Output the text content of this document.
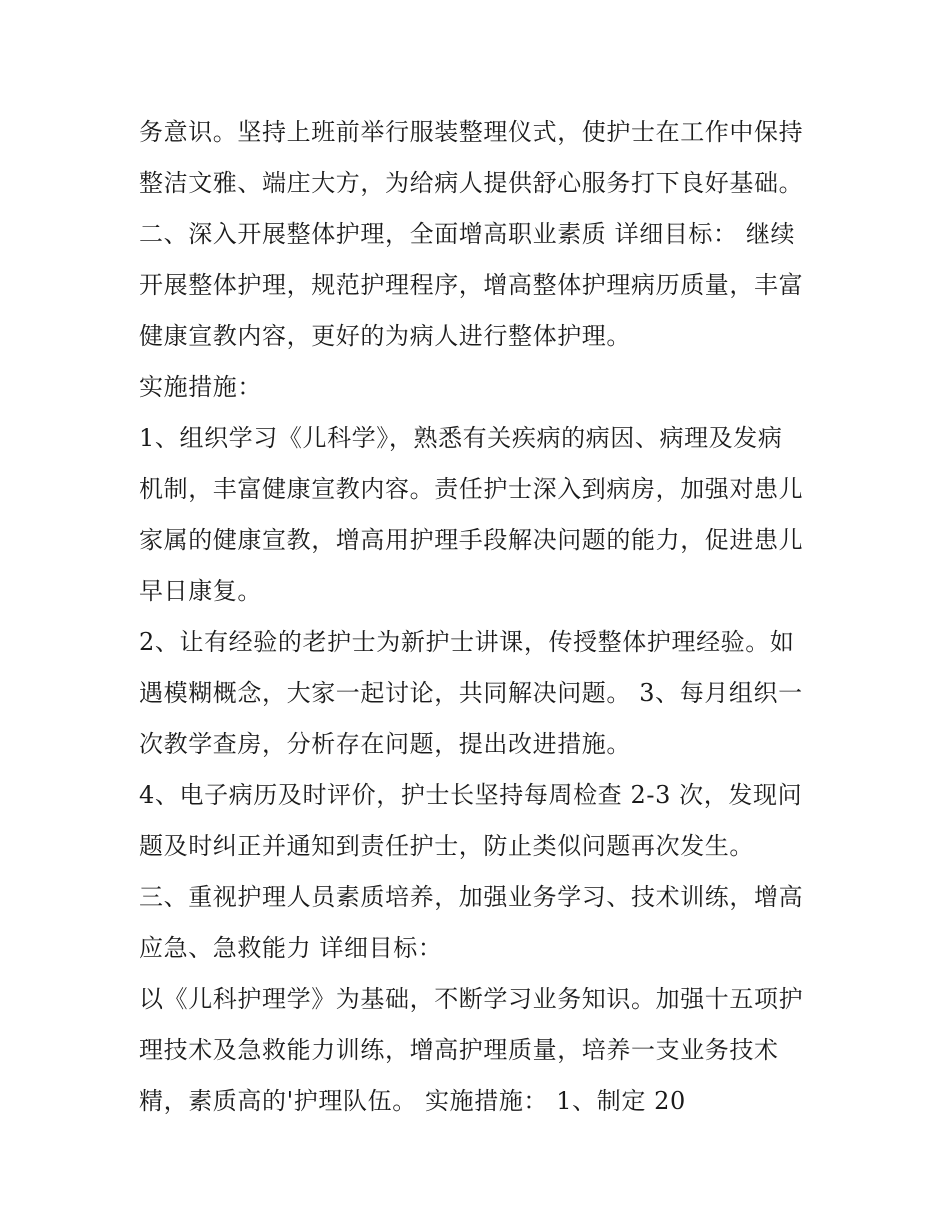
务意识。坚持上班前举行服装整理仪式，使护士在工作中保持
整洁文雅、端庄大方，为给病人提供舒心服务打下良好基础。
二、深入开展整体护理，全面增高职业素质 详细目标： 继续
开展整体护理，规范护理程序，增高整体护理病历质量，丰富
健康宣教内容，更好的为病人进行整体护理。
实施措施：
1、组织学习《儿科学》，熟悉有关疾病的病因、病理及发病
机制，丰富健康宣教内容。责任护士深入到病房，加强对患儿
家属的健康宣教，增高用护理手段解决问题的能力，促进患儿
早日康复。
2、让有经验的老护士为新护士讲课，传授整体护理经验。如
遇模糊概念，大家一起讨论，共同解决问题。 3、每月组织一
次教学查房，分析存在问题，提出改进措施。
4、电子病历及时评价，护士长坚持每周检查 2-3 次，发现问
题及时纠正并通知到责任护士，防止类似问题再次发生。
三、重视护理人员素质培养，加强业务学习、技术训练，增高
应急、急救能力 详细目标：
以《儿科护理学》为基础，不断学习业务知识。加强十五项护
理技术及急救能力训练，增高护理质量，培养一支业务技术
精，素质高的'护理队伍。 实施措施： 1、制定 20
